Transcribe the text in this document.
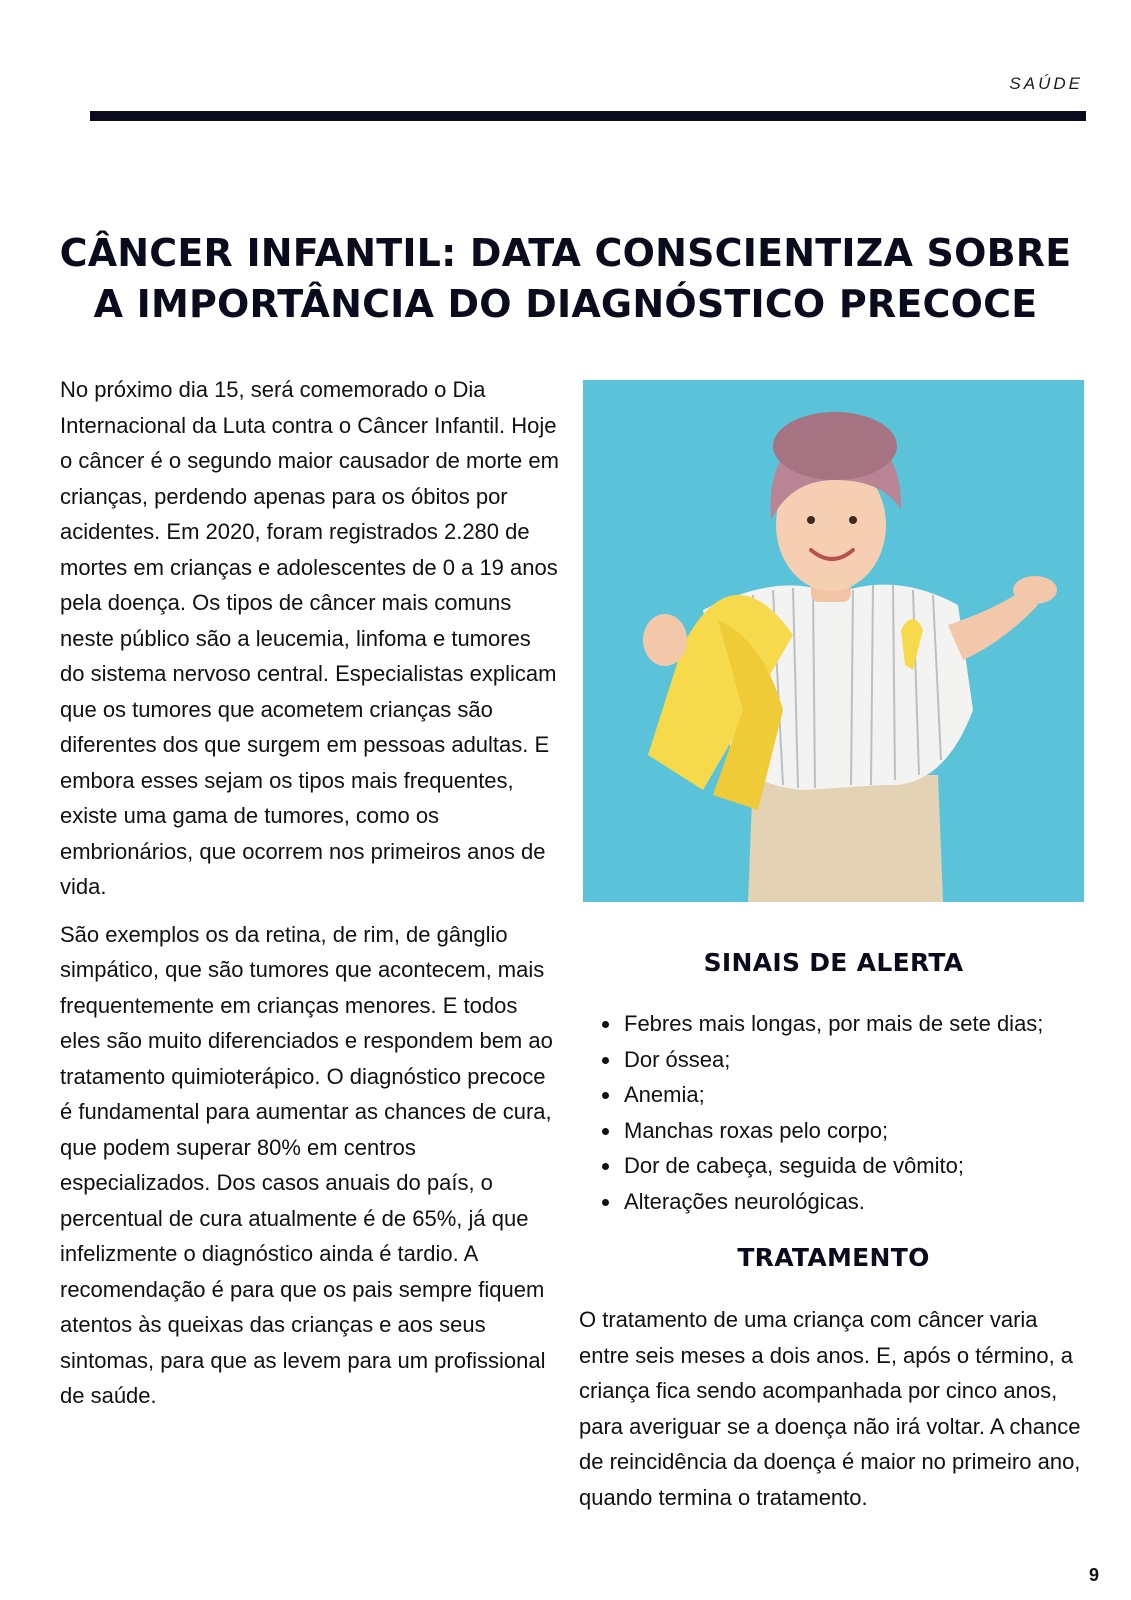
SAÚDE
CÂNCER INFANTIL: DATA CONSCIENTIZA SOBRE
A IMPORTÂNCIA DO DIAGNÓSTICO PRECOCE

No próximo dia 15, será comemorado o Dia Internacional da Luta contra o Câncer Infantil. Hoje o câncer é o segundo maior causador de morte em crianças, perdendo apenas para os óbitos por acidentes. Em 2020, foram registrados 2.280 de mortes em crianças e adolescentes de 0 a 19 anos pela doença. Os tipos de câncer mais comuns neste público são a leucemia, linfoma e tumores do sistema nervoso central. Especialistas explicam que os tumores que acometem crianças são diferentes dos que surgem em pessoas adultas. E embora esses sejam os tipos mais frequentes, existe uma gama de tumores, como os embrionários, que ocorrem nos primeiros anos de vida.

São exemplos os da retina, de rim, de gânglio simpático, que são tumores que acontecem, mais frequentemente em crianças menores. E todos eles são muito diferenciados e respondem bem ao tratamento quimioterápico. O diagnóstico precoce é fundamental para aumentar as chances de cura, que podem superar 80% em centros especializados. Dos casos anuais do país, o percentual de cura atualmente é de 65%, já que infelizmente o diagnóstico ainda é tardio. A recomendação é para que os pais sempre fiquem atentos às queixas das crianças e aos seus sintomas, para que as levem para um profissional de saúde.

SINAIS DE ALERTA
• Febres mais longas, por mais de sete dias;
• Dor óssea;
• Anemia;
• Manchas roxas pelo corpo;
• Dor de cabeça, seguida de vômito;
• Alterações neurológicas.
TRATAMENTO

O tratamento de uma criança com câncer varia entre seis meses a dois anos. E, após o término, a criança fica sendo acompanhada por cinco anos, para averiguar se a doença não irá voltar. A chance de reincidência da doença é maior no primeiro ano, quando termina o tratamento.

9
